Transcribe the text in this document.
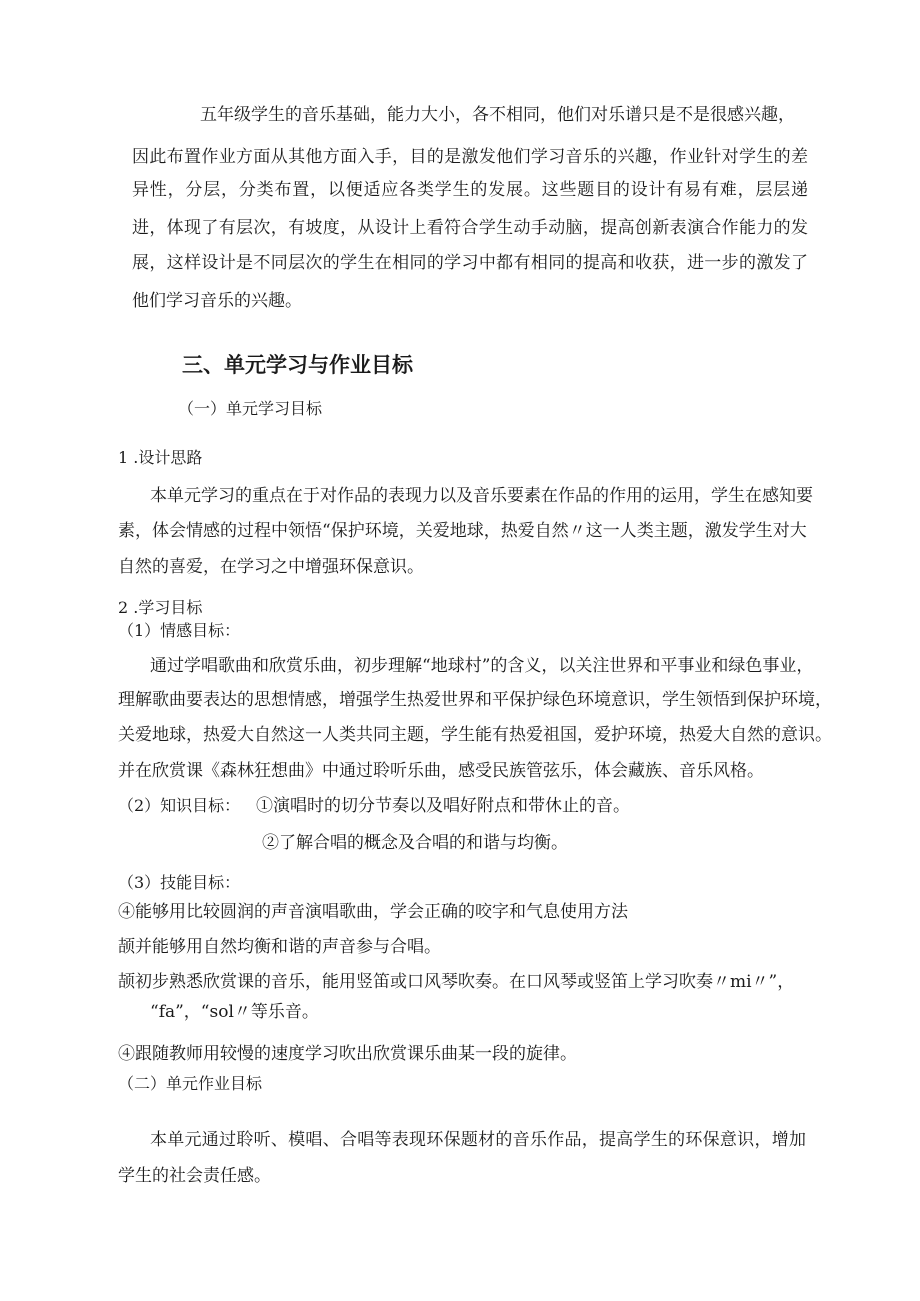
五年级学生的音乐基础，能力大小，各不相同，他们对乐谱只是不是很感兴趣，
因此布置作业方面从其他方面入手，目的是激发他们学习音乐的兴趣，作业针对学生的差
异性，分层，分类布置，以便适应各类学生的发展。这些题目的设计有易有难，层层递
进，体现了有层次，有坡度，从设计上看符合学生动手动脑，提高创新表演合作能力的发
展，这样设计是不同层次的学生在相同的学习中都有相同的提高和收获，进一步的激发了
他们学习音乐的兴趣。
三、单元学习与作业目标
（一）单元学习目标
1 .设计思路
本单元学习的重点在于对作品的表现力以及音乐要素在作品的作用的运用，学生在感知要
素，体会情感的过程中领悟“保护环境，关爱地球，热爱自然〃这一人类主题，激发学生对大
自然的喜爱，在学习之中增强环保意识。
2 .学习目标
（1）情感目标：
通过学唱歌曲和欣赏乐曲，初步理解“地球村”的含义，以关注世界和平事业和绿色事业，
理解歌曲要表达的思想情感，增强学生热爱世界和平保护绿色环境意识，学生领悟到保护环境，
关爱地球，热爱大自然这一人类共同主题，学生能有热爱祖国，爱护环境，热爱大自然的意识。
并在欣赏课《森林狂想曲》中通过聆听乐曲，感受民族管弦乐，体会藏族、音乐风格。
（2）知识目标： ①演唱时的切分节奏以及唱好附点和带休止的音。
②了解合唱的概念及合唱的和谐与均衡。
（3）技能目标：
④能够用比较圆润的声音演唱歌曲，学会正确的咬字和气息使用方法
颉并能够用自然均衡和谐的声音参与合唱。
颉初步熟悉欣赏课的音乐，能用竖笛或口风琴吹奏。在口风琴或竖笛上学习吹奏〃mi〃”，
“fa”，“sol〃等乐音。
④跟随教师用较慢的速度学习吹出欣赏课乐曲某一段的旋律。
（二）单元作业目标
本单元通过聆听、模唱、合唱等表现环保题材的音乐作品，提高学生的环保意识，增加
学生的社会责任感。
